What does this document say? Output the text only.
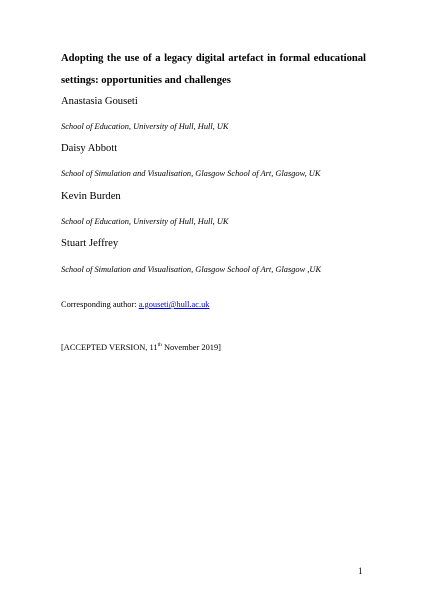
Adopting the use of a legacy digital artefact in formal educational settings: opportunities and challenges

Anastasia Gouseti

School of Education, University of Hull, Hull, UK

Daisy Abbott

School of Simulation and Visualisation, Glasgow School of Art, Glasgow, UK

Kevin Burden

School of Education, University of Hull, Hull, UK

Stuart Jeffrey

School of Simulation and Visualisation, Glasgow School of Art, Glasgow ,UK

Corresponding author: a.gouseti@hull.ac.uk

[ACCEPTED VERSION, 11th November 2019]

1
